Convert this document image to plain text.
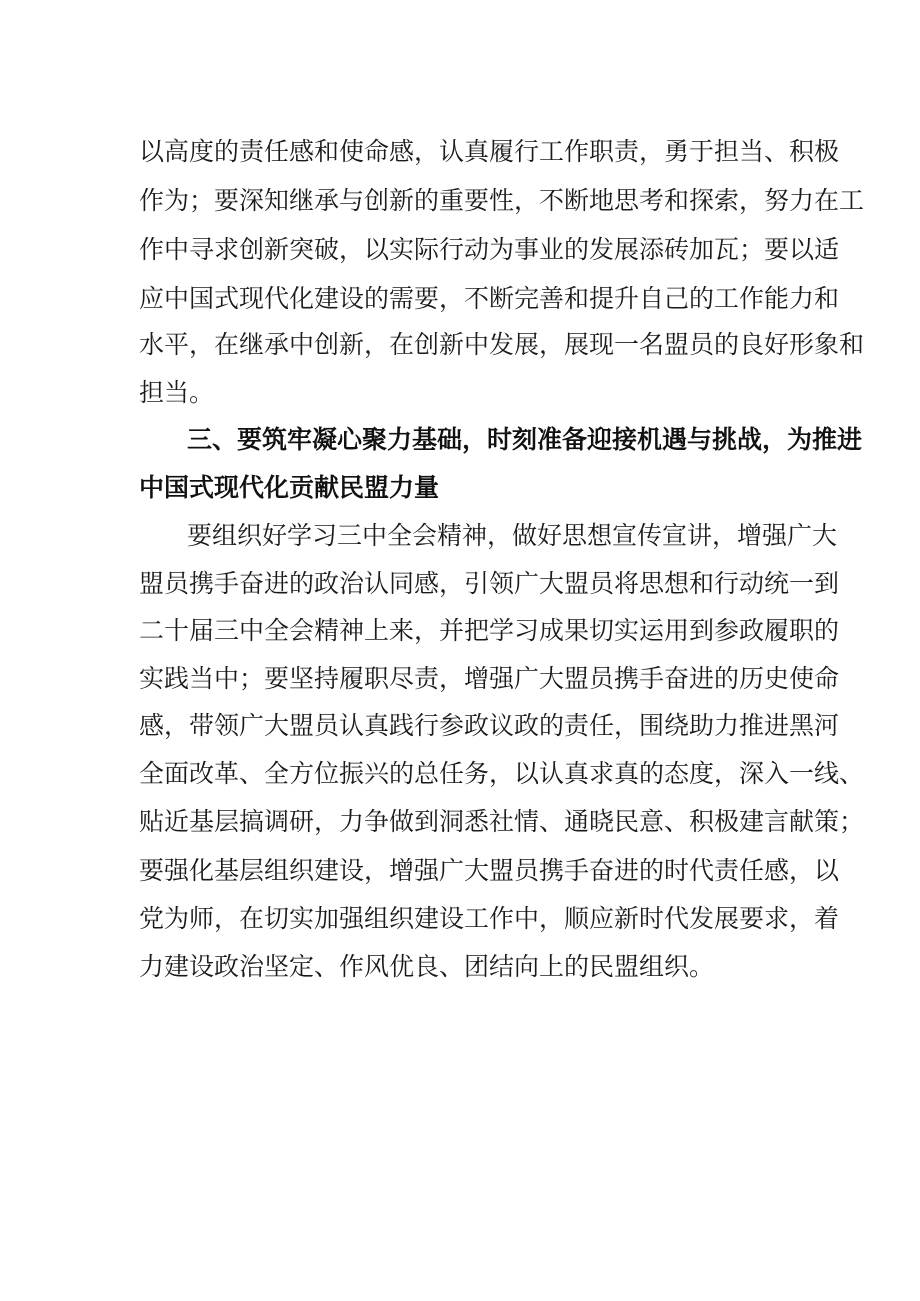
以高度的责任感和使命感，认真履行工作职责，勇于担当、积极
作为；要深知继承与创新的重要性，不断地思考和探索，努力在工
作中寻求创新突破，以实际行动为事业的发展添砖加瓦；要以适
应中国式现代化建设的需要，不断完善和提升自己的工作能力和
水平，在继承中创新，在创新中发展，展现一名盟员的良好形象和
担当。
三、要筑牢凝心聚力基础，时刻准备迎接机遇与挑战，为推进
中国式现代化贡献民盟力量
要组织好学习三中全会精神，做好思想宣传宣讲，增强广大
盟员携手奋进的政治认同感，引领广大盟员将思想和行动统一到
二十届三中全会精神上来，并把学习成果切实运用到参政履职的
实践当中；要坚持履职尽责，增强广大盟员携手奋进的历史使命
感，带领广大盟员认真践行参政议政的责任，围绕助力推进黑河
全面改革、全方位振兴的总任务，以认真求真的态度，深入一线、
贴近基层搞调研，力争做到洞悉社情、通晓民意、积极建言献策；
要强化基层组织建设，增强广大盟员携手奋进的时代责任感，以
党为师，在切实加强组织建设工作中，顺应新时代发展要求，着
力建设政治坚定、作风优良、团结向上的民盟组织。
